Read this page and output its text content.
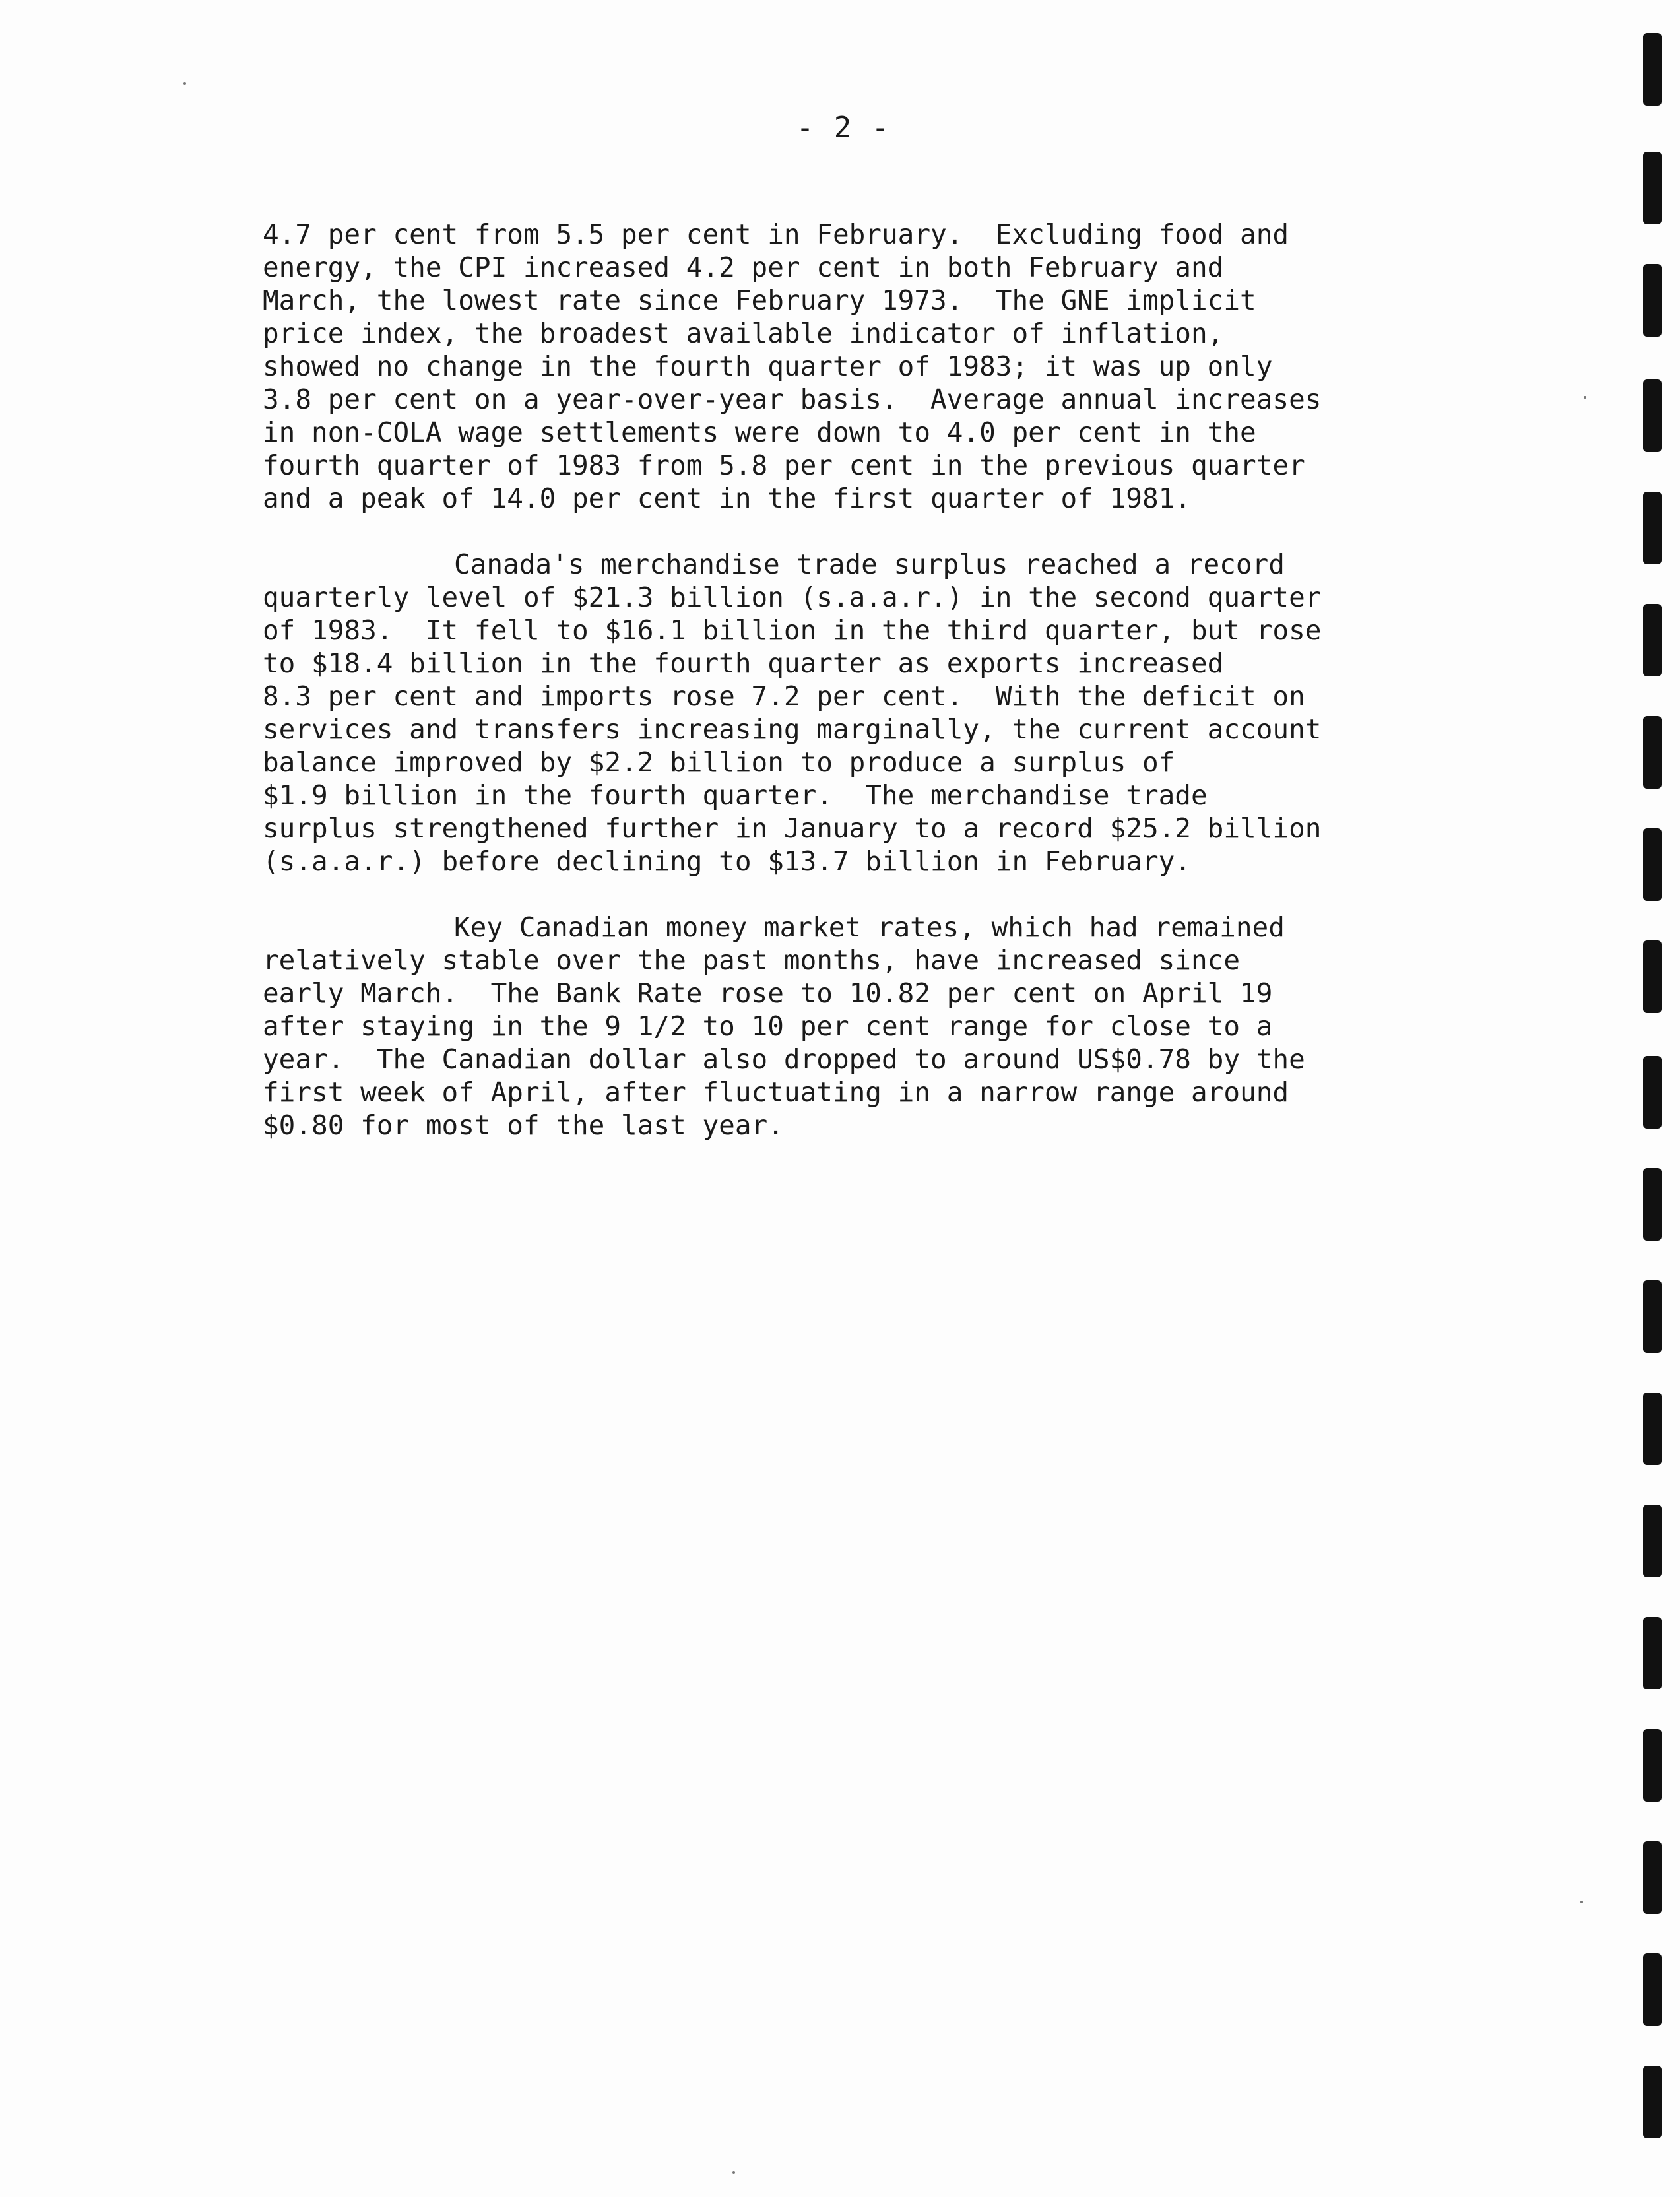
- 2 -

4.7 per cent from 5.5 per cent in February.  Excluding food and
energy, the CPI increased 4.2 per cent in both February and
March, the lowest rate since February 1973.  The GNE implicit
price index, the broadest available indicator of inflation,
showed no change in the fourth quarter of 1983; it was up only
3.8 per cent on a year-over-year basis.  Average annual increases
in non-COLA wage settlements were down to 4.0 per cent in the
fourth quarter of 1983 from 5.8 per cent in the previous quarter
and a peak of 14.0 per cent in the first quarter of 1981.

Canada's merchandise trade surplus reached a record
quarterly level of $21.3 billion (s.a.a.r.) in the second quarter
of 1983.  It fell to $16.1 billion in the third quarter, but rose
to $18.4 billion in the fourth quarter as exports increased
8.3 per cent and imports rose 7.2 per cent.  With the deficit on
services and transfers increasing marginally, the current account
balance improved by $2.2 billion to produce a surplus of
$1.9 billion in the fourth quarter.  The merchandise trade
surplus strengthened further in January to a record $25.2 billion
(s.a.a.r.) before declining to $13.7 billion in February.

Key Canadian money market rates, which had remained
relatively stable over the past months, have increased since
early March.  The Bank Rate rose to 10.82 per cent on April 19
after staying in the 9 1/2 to 10 per cent range for close to a
year.  The Canadian dollar also dropped to around US$0.78 by the
first week of April, after fluctuating in a narrow range around
$0.80 for most of the last year.
